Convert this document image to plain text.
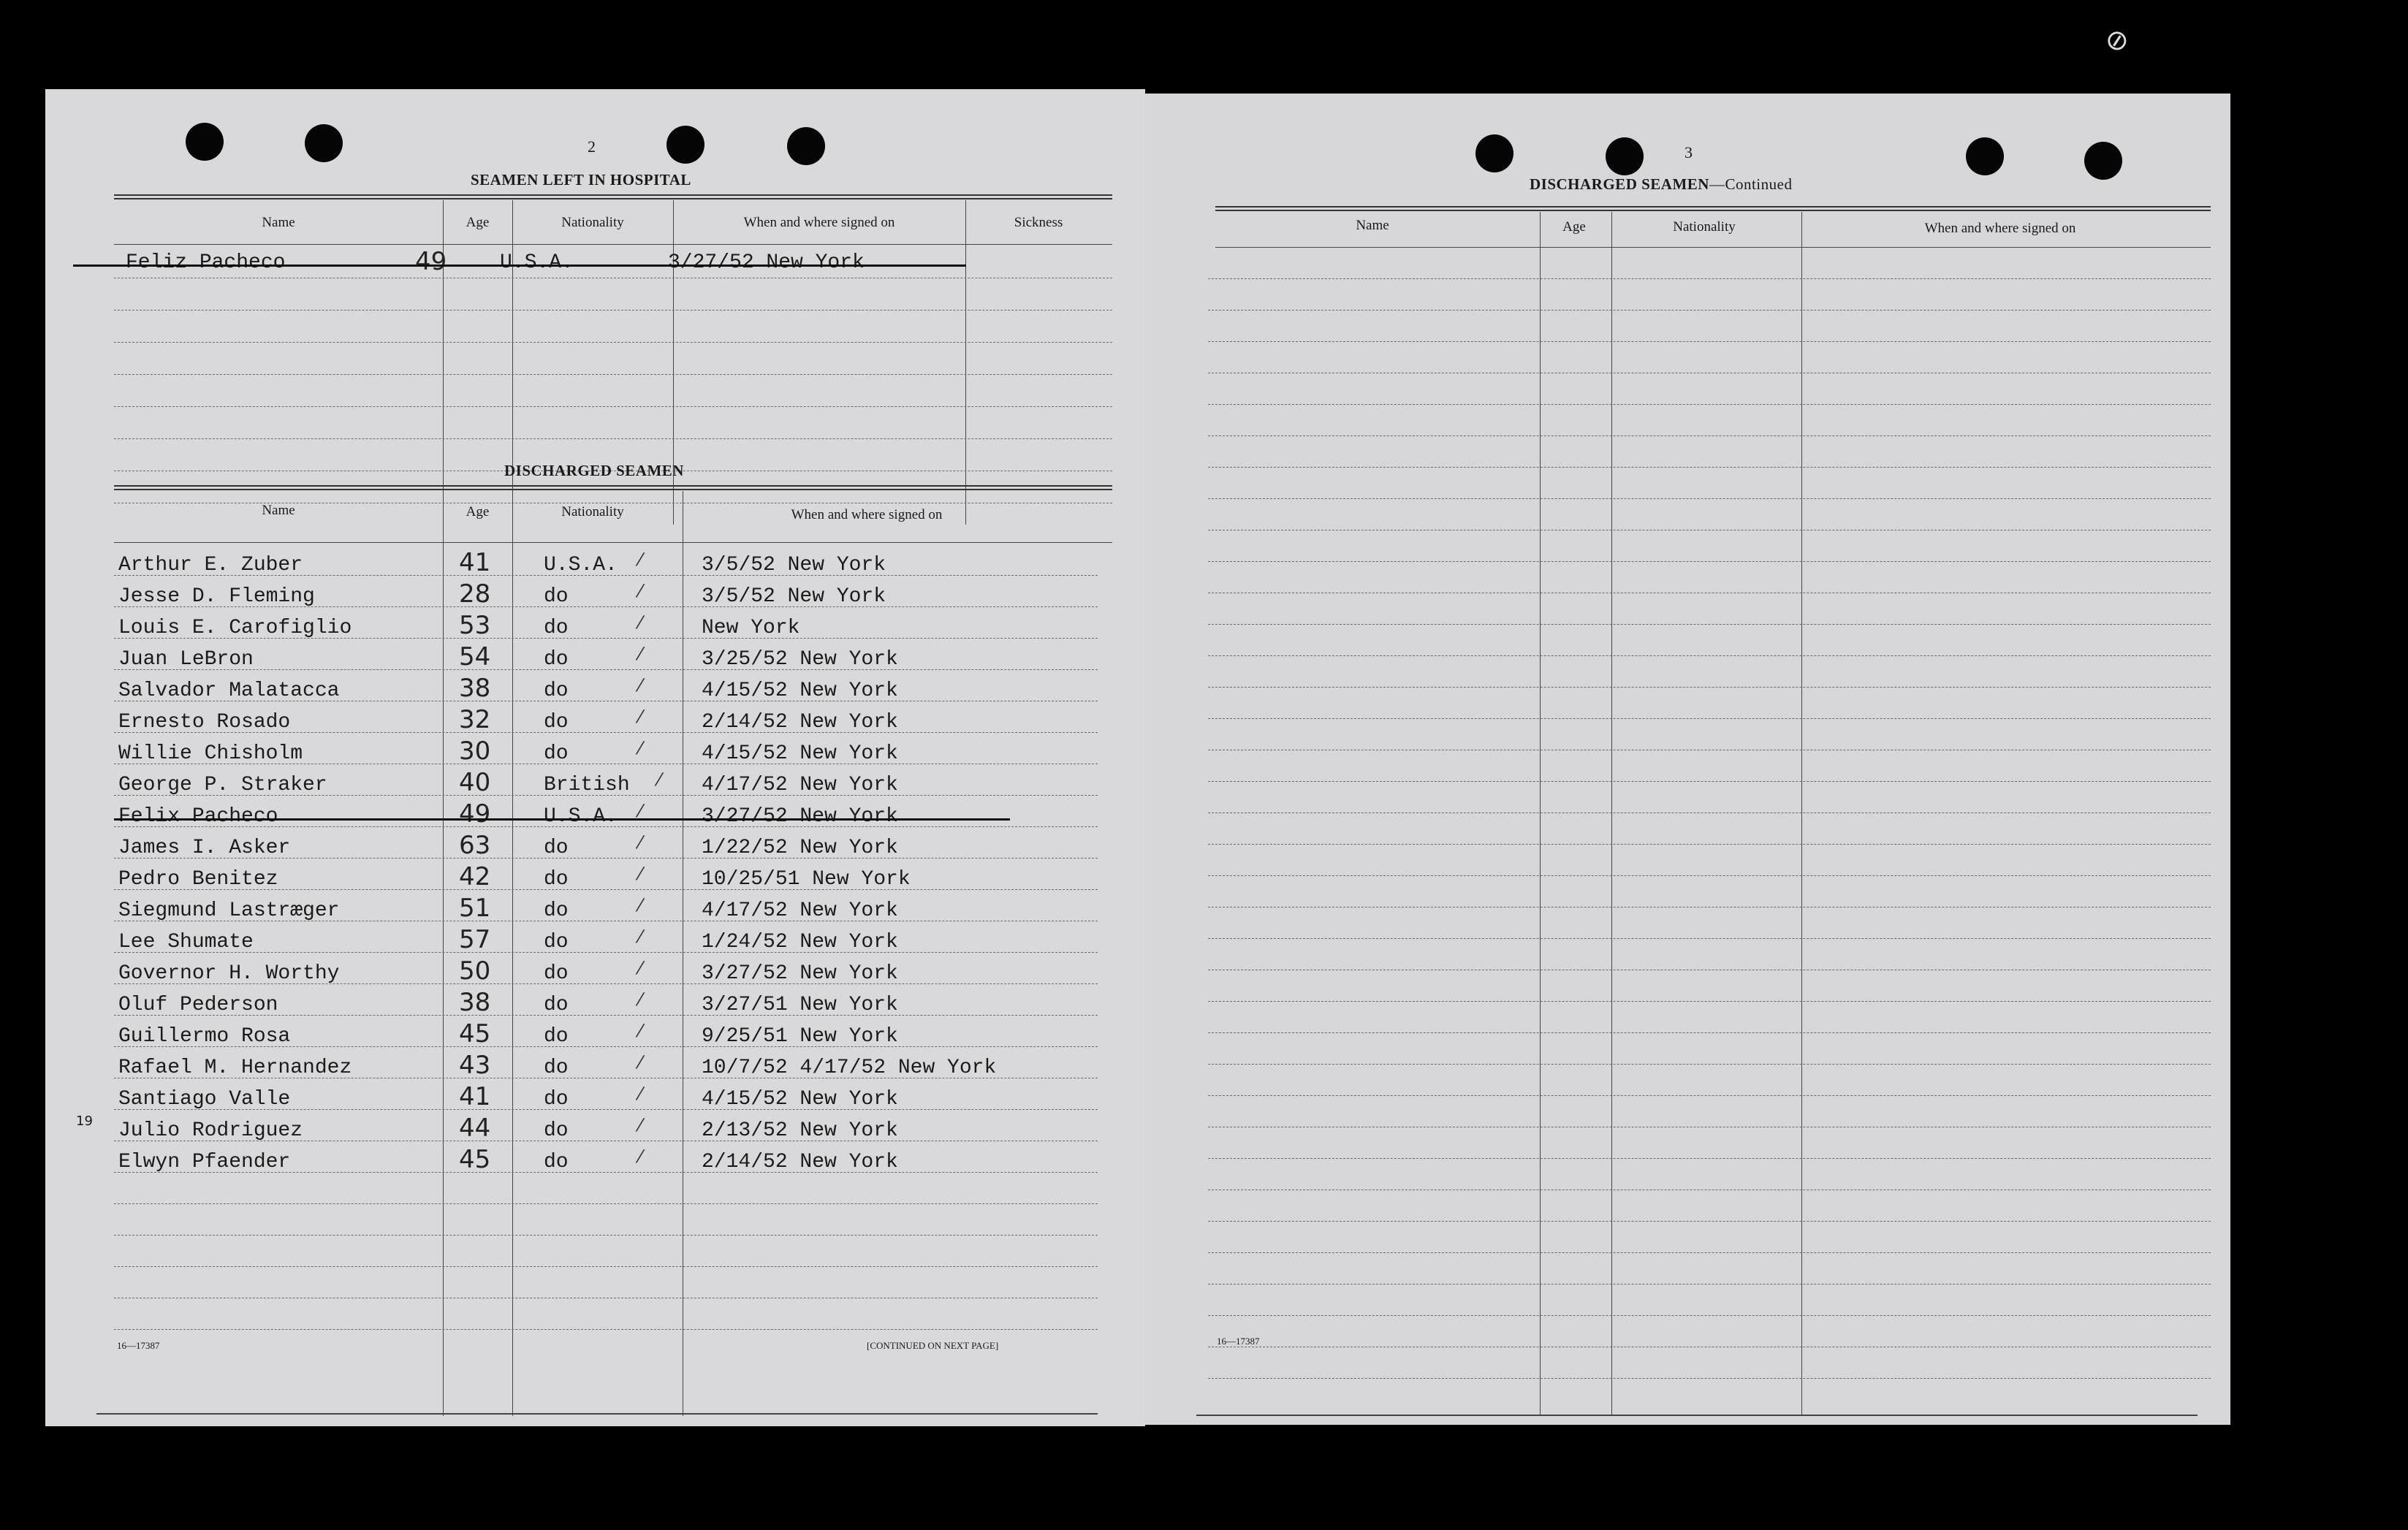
⊘
2
SEAMEN LEFT IN HOSPITAL
Name	Age	Nationality	When and where signed on	Sickness
Feliz Pacheco	49	U.S.A.	3/27/52 New York
DISCHARGED SEAMEN
Name	Age	Nationality	When and where signed on
Arthur E. Zuber	41	U.S.A.	3/5/52 New York
⁄
Jesse D. Fleming	28	do	3/5/52 New York
⁄
Louis E. Carofiglio	53	do	New York
⁄
Juan LeBron	54	do	3/25/52 New York
⁄
Salvador Malatacca	38	do	4/15/52 New York
⁄
Ernesto Rosado	32	do	2/14/52 New York
⁄
Willie Chisholm	30	do	4/15/52 New York
⁄
George P. Straker	40	British	4/17/52 New York
⁄
Felix Pacheco	49	U.S.A.	3/27/52 New York
⁄
James I. Asker	63	do	1/22/52 New York
⁄
Pedro Benitez	42	do	10/25/51 New York
⁄
Siegmund Lastræger	51	do	4/17/52 New York
⁄
Lee Shumate	57	do	1/24/52 New York
⁄
Governor H. Worthy	50	do	3/27/52 New York
⁄
Oluf Pederson	38	do	3/27/51 New York
⁄
Guillermo Rosa	45	do	9/25/51 New York
⁄
Rafael M. Hernandez	43	do	10/7/52 4/17/52 New York
⁄
Santiago Valle	41	do	4/15/52 New York
⁄
Julio Rodriguez	44	do	2/13/52 New York
⁄
Elwyn Pfaender	45	do	2/14/52 New York
⁄
19
16—17387	[CONTINUED ON NEXT PAGE]
3
DISCHARGED SEAMEN—Continued
Name	Age	Nationality	When and where signed on
16—17387
